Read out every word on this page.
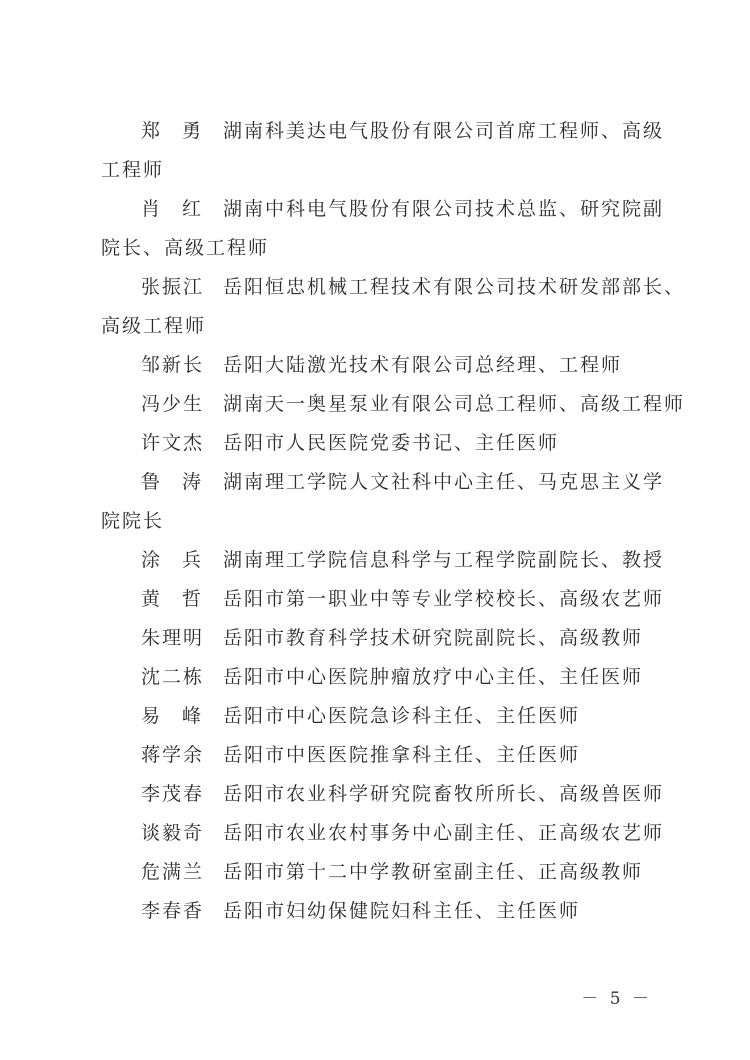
郑 勇 湖南科美达电气股份有限公司首席工程师、高级
工程师
肖 红 湖南中科电气股份有限公司技术总监、研究院副
院长、高级工程师
张振江 岳阳恒忠机械工程技术有限公司技术研发部部长、
高级工程师
邹新长 岳阳大陆激光技术有限公司总经理、工程师
冯少生 湖南天一奥星泵业有限公司总工程师、高级工程师
许文杰 岳阳市人民医院党委书记、主任医师
鲁 涛 湖南理工学院人文社科中心主任、马克思主义学
院院长
涂 兵 湖南理工学院信息科学与工程学院副院长、教授
黄 哲 岳阳市第一职业中等专业学校校长、高级农艺师
朱理明 岳阳市教育科学技术研究院副院长、高级教师
沈二栋 岳阳市中心医院肿瘤放疗中心主任、主任医师
易 峰 岳阳市中心医院急诊科主任、主任医师
蒋学余 岳阳市中医医院推拿科主任、主任医师
李茂春 岳阳市农业科学研究院畜牧所所长、高级兽医师
谈毅奇 岳阳市农业农村事务中心副主任、正高级农艺师
危满兰 岳阳市第十二中学教研室副主任、正高级教师
李春香 岳阳市妇幼保健院妇科主任、主任医师
－ 5 －
